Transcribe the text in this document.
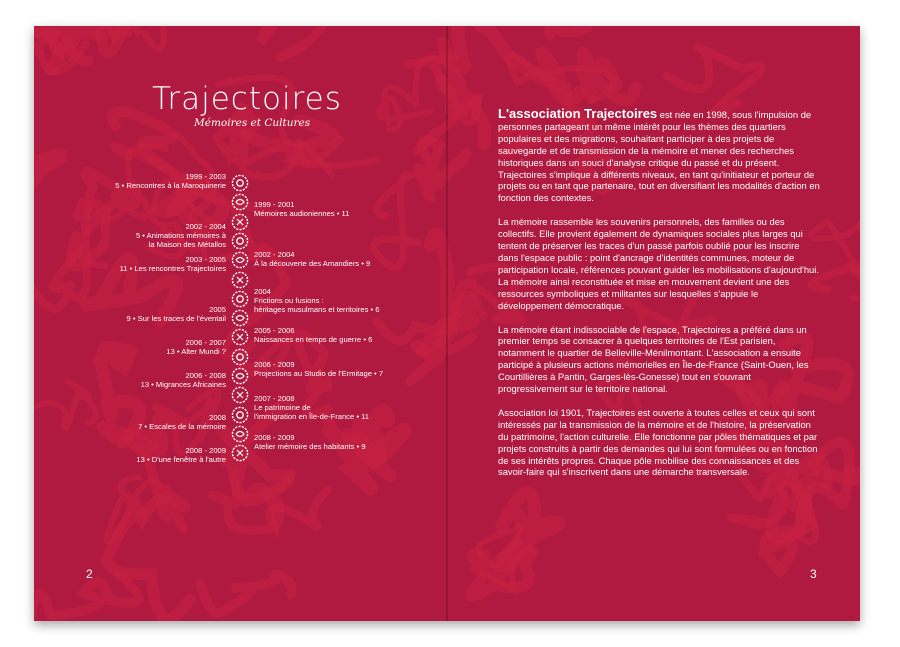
Trajectoires
Mémoires et Cultures
1999 - 2003
5 • Rencontres à la Maroquinerie
2002 - 2004
5 • Animations mémoires à
la Maison des Métallos
2003 - 2005
11 • Les rencontres Trajectoires
2005
9 • Sur les traces de l'éventail
2006 - 2007
13 • Alter Mundi ?
2006 - 2008
13 • Migrances Africaines
2008
7 • Escales de la mémoire
2008 - 2009
13 • D'une fenêtre à l'autre
1999 - 2001
Mémoires audioniennes • 11
2002 - 2004
À la découverte des Amandiers • 9
2004
Frictions ou fusions :
héritages musulmans et territoires • 6
2005 - 2006
Naissances en temps de guerre • 6
2006 - 2009
Projections au Studio de l'Ermitage • 7
2007 - 2008
Le patrimoine de
l'immigration en Île-de-France • 11
2008 - 2009
Atelier mémoire des habitants • 9

L'association Trajectoires est née en 1998, sous l'impulsion de personnes partageant un même intérêt pour les thèmes des quartiers populaires et des migrations, souhaitant participer à des projets de sauvegarde et de transmission de la mémoire et mener des recherches historiques dans un souci d'analyse critique du passé et du présent. Trajectoires s'implique à différents niveaux, en tant qu'initiateur et porteur de projets ou en tant que partenaire, tout en diversifiant les modalités d'action en fonction des contextes.

La mémoire rassemble les souvenirs personnels, des familles ou des collectifs. Elle provient également de dynamiques sociales plus larges qui tentent de préserver les traces d'un passé parfois oublié pour les inscrire dans l'espace public : point d'ancrage d'identités communes, moteur de participation locale, références pouvant guider les mobilisations d'aujourd'hui. La mémoire ainsi reconstituée et mise en mouvement devient une des ressources symboliques et militantes sur lesquelles s'appuie le développement démocratique.

La mémoire étant indissociable de l'espace, Trajectoires a préféré dans un premier temps se consacrer à quelques territoires de l'Est parisien, notamment le quartier de Belleville-Ménilmontant. L'association a ensuite participé à plusieurs actions mémorielles en Île-de-France (Saint-Ouen, les Courtillières à Pantin, Garges-lès-Gonesse) tout en s'ouvrant progressivement sur le territoire national.

Association loi 1901, Trajectoires est ouverte à toutes celles et ceux qui sont intéressés par la transmission de la mémoire et de l'histoire, la préservation du patrimoine, l'action culturelle. Elle fonctionne par pôles thématiques et par projets construits à partir des demandes qui lui sont formulées ou en fonction de ses intérêts propres. Chaque pôle mobilise des connaissances et des savoir-faire qui s'inscrivent dans une démarche transversale.

2	3
